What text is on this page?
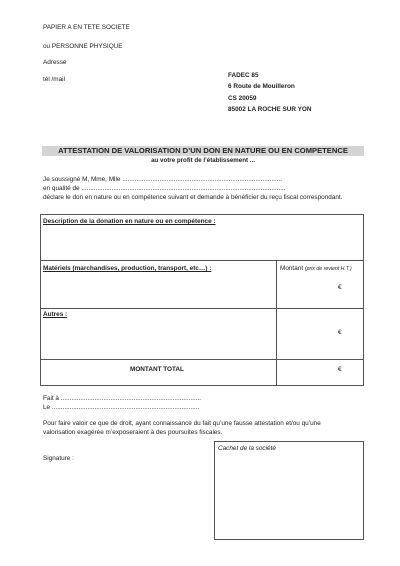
PAPIER A EN TETE SOCIETE
ou PERSONNE PHYSIQUE
Adresse
tél /mail
FADEC 85
6 Route de Mouilleron
CS 20059
85002 LA ROCHE SUR YON
ATTESTATION DE VALORISATION D’UN DON EN NATURE OU EN COMPETENCE
au votre profit de l’établissement ...
Je soussigné M, Mme, Mlle ..........................................................................................
en qualité de ...................................................................................................................
déclare le don en nature ou en compétence suivant et demande à bénéficier du reçu fiscal correspondant.
Description de la donation en nature ou en compétence :
Matériels (marchandises, production, transport, etc…) :	Montant (prix de revient H.T.)
€
Autres :
€
MONTANT TOTAL	€
Fait à ...............................................................................
Le ...................................................................................
Pour faire valoir ce que de droit, ayant connaissance du fait qu’une fausse attestation et/ou qu’une
valorisation exagérée m’exposeraient à des poursuites fiscales.
Cachet de la société
Signature :
